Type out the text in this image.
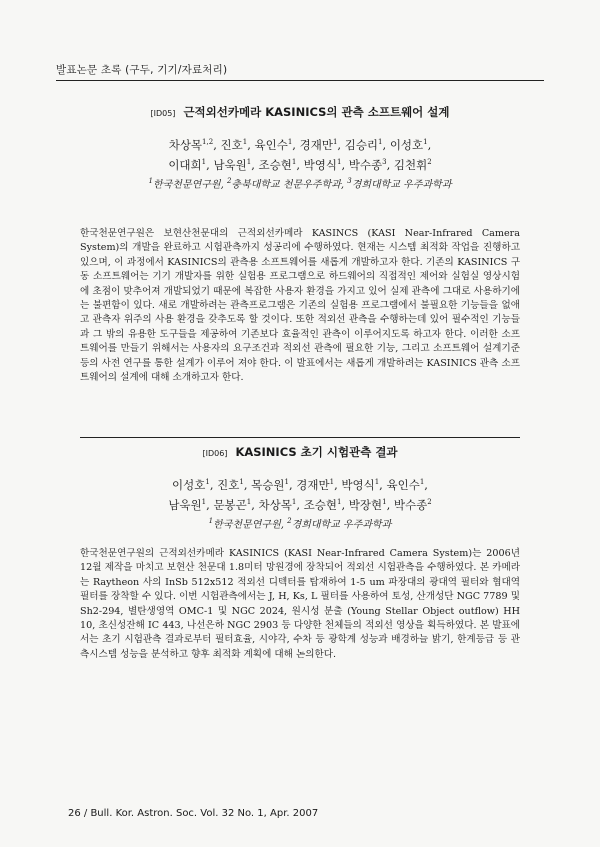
발표논문 초록 (구두, 기기/자료처리)
[ID05] 근적외선카메라 KASINICS의 관측 소프트웨어 설계
차상목$^{1,2}$, 진호$^1$, 육인수$^1$, 경재만$^1$, 김승리$^1$, 이성호$^1$,
이대희$^1$, 남욱원$^1$, 조승현$^1$, 박영식$^1$, 박수종$^3$, 김천휘$^2$
$^1$한국천문연구원, $^2$충북대학교 천문우주학과, $^3$경희대학교 우주과학과

한국천문연구원은 보현산천문대의 근적외선카메라 KASINCS (KASI Near-Infrared Camera System)의 개발을 완료하고 시험관측까지 성공리에 수행하였다. 현재는 시스템 최적화 작업을 진행하고 있으며, 이 과정에서 KASINICS의 관측용 소프트웨어를 새롭게 개발하고자 한다. 기존의 KASINICS 구동 소프트웨어는 기기 개발자를 위한 실험용 프로그램으로 하드웨어의 직접적인 제어와 실험실 영상시험에 초점이 맞추어져 개발되었기 때문에 복잡한 사용자 환경을 가지고 있어 실제 관측에 그대로 사용하기에는 불편함이 있다. 새로 개발하려는 관측프로그램은 기존의 실험용 프로그램에서 불필요한 기능들을 없애고 관측자 위주의 사용 환경을 갖추도록 할 것이다. 또한 적외선 관측을 수행하는데 있어 필수적인 기능들과 그 밖의 유용한 도구들을 제공하여 기존보다 효율적인 관측이 이루어지도록 하고자 한다. 이러한 소프트웨어를 만들기 위해서는 사용자의 요구조건과 적외선 관측에 필요한 기능, 그리고 소프트웨어 설계기준 등의 사전 연구를 통한 설계가 이루어 져야 한다. 이 발표에서는 새롭게 개발하려는 KASINICS 관측 소프트웨어의 설계에 대해 소개하고자 한다.

[ID06] KASINICS 초기 시험관측 결과
이성호$^1$, 진호$^1$, 목승원$^1$, 경재만$^1$, 박영식$^1$, 육인수$^1$,
남욱원$^1$, 문봉곤$^1$, 차상목$^1$, 조승현$^1$, 박장현$^1$, 박수종$^2$
$^1$한국천문연구원, $^2$경희대학교 우주과학과

한국천문연구원의 근적외선카메라 KASINICS (KASI Near-Infrared Camera System)는 2006년 12월 제작을 마치고 보현산 천문대 1.8미터 망원경에 장착되어 적외선 시험관측을 수행하였다. 본 카메라는 Raytheon 사의 InSb 512x512 적외선 디텍터를 탑재하여 1-5 um 파장대의 광대역 필터와 협대역 필터를 장착할 수 있다. 이번 시험관측에서는 J, H, Ks, L 필터를 사용하여 토성, 산개성단 NGC 7789 및 Sh2-294, 별탄생영역 OMC-1 및 NGC 2024, 원시성 분출 (Young Stellar Object outflow) HH 10, 초신성잔해 IC 443, 나선은하 NGC 2903 등 다양한 천체들의 적외선 영상을 획득하였다. 본 발표에서는 초기 시험관측 결과로부터 필터효율, 시야각, 수차 등 광학계 성능과 배경하늘 밝기, 한계등급 등 관측시스템 성능을 분석하고 향후 최적화 계획에 대해 논의한다.

26 / Bull. Kor. Astron. Soc. Vol. 32 No. 1, Apr. 2007
